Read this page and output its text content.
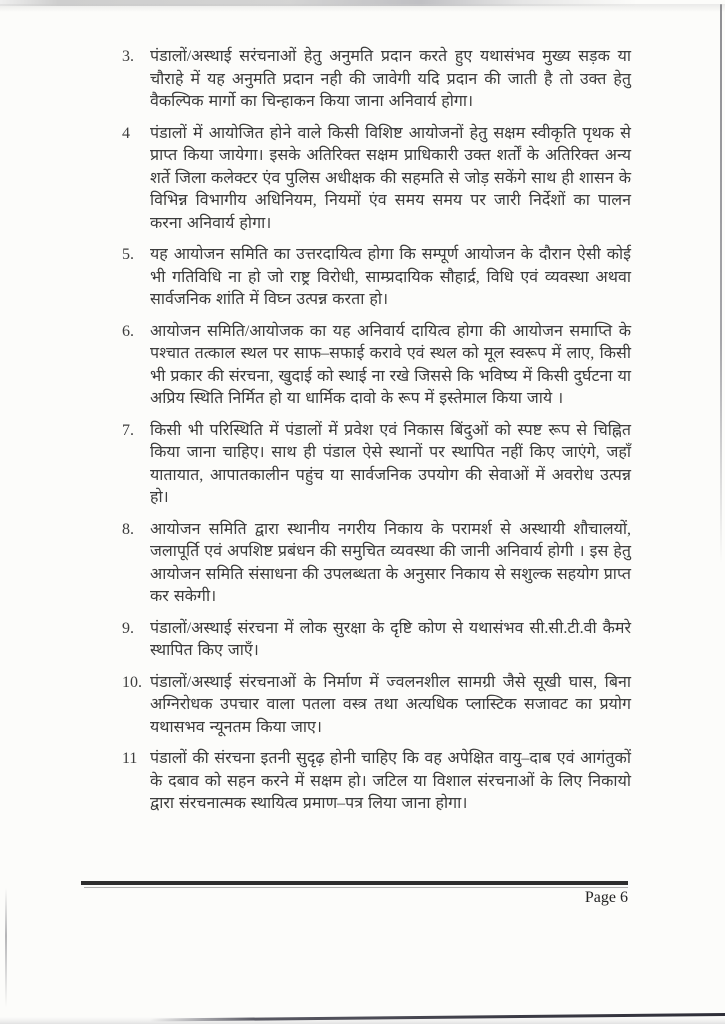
3.	पंडालों/अस्थाई सरंचनाओं हेतु अनुमति प्रदान करते हुए यथासंभव मुख्य सड़क या चौराहे में यह अनुमति प्रदान नही की जावेगी यदि प्रदान की जाती है तो उक्त हेतु वैकल्पिक मार्गो का चिन्हाकन किया जाना अनिवार्य होगा।
4	पंडालों में आयोजित होने वाले किसी विशिष्ट आयोजनों हेतु सक्षम स्वीकृति पृथक से प्राप्त किया जायेगा। इसके अतिरिक्त सक्षम प्राधिकारी उक्त शर्तों के अतिरिक्त अन्य शर्ते जिला कलेक्टर एंव पुलिस अधीक्षक की सहमति से जोड़ सकेंगे साथ ही शासन के विभिन्न विभागीय अधिनियम, नियमों एंव समय समय पर जारी निर्देशों का पालन करना अनिवार्य होगा।
5.	यह आयोजन समिति का उत्तरदायित्व होगा कि सम्पूर्ण आयोजन के दौरान ऐसी कोई भी गतिविधि ना हो जो राष्ट्र विरोधी, साम्प्रदायिक सौहार्द्र, विधि एवं व्यवस्था अथवा सार्वजनिक शांति में विघ्न उत्पन्न करता हो।
6.	आयोजन समिति/आयोजक का यह अनिवार्य दायित्व होगा की आयोजन समाप्ति के पश्चात तत्काल स्थल पर साफ–सफाई करावे एवं स्थल को मूल स्वरूप में लाए, किसी भी प्रकार की संरचना, खुदाई को स्थाई ना रखे जिससे कि भविष्य में किसी दुर्घटना या अप्रिय स्थिति निर्मित हो या धार्मिक दावो के रूप में इस्तेमाल किया जाये ।
7.	किसी भी परिस्थिति में पंडालों में प्रवेश एवं निकास बिंदुओं को स्पष्ट रूप से चिह्नित किया जाना चाहिए। साथ ही पंडाल ऐसे स्थानों पर स्थापित नहीं किए जाएंगे, जहाँ यातायात, आपातकालीन पहुंच या सार्वजनिक उपयोग की सेवाओं में अवरोध उत्पन्न हो।
8.	आयोजन समिति द्वारा स्थानीय नगरीय निकाय के परामर्श से अस्थायी शौचालयों, जलापूर्ति एवं अपशिष्ट प्रबंधन की समुचित व्यवस्था की जानी अनिवार्य होगी । इस हेतु आयोजन समिति संसाधना की उपलब्धता के अनुसार निकाय से सशुल्क सहयोग प्राप्त कर सकेगी।
9.	पंडालों/अस्थाई संरचना में लोक सुरक्षा के दृष्टि कोण से यथासंभव सी.सी.टी.वी कैमरे स्थापित किए जाएँ।
10. पंडालों/अस्थाई संरचनाओं के निर्माण में ज्वलनशील सामग्री जैसे सूखी घास, बिना अग्निरोधक उपचार वाला पतला वस्त्र तथा अत्यधिक प्लास्टिक सजावट का प्रयोग यथासभव न्यूनतम किया जाए।
11 पंडालों की संरचना इतनी सुदृढ़ होनी चाहिए कि वह अपेक्षित वायु–दाब एवं आगंतुकों के दबाव को सहन करने में सक्षम हो। जटिल या विशाल संरचनाओं के लिए निकायो द्वारा संरचनात्मक स्थायित्व प्रमाण–पत्र लिया जाना होगा।
Page 6
